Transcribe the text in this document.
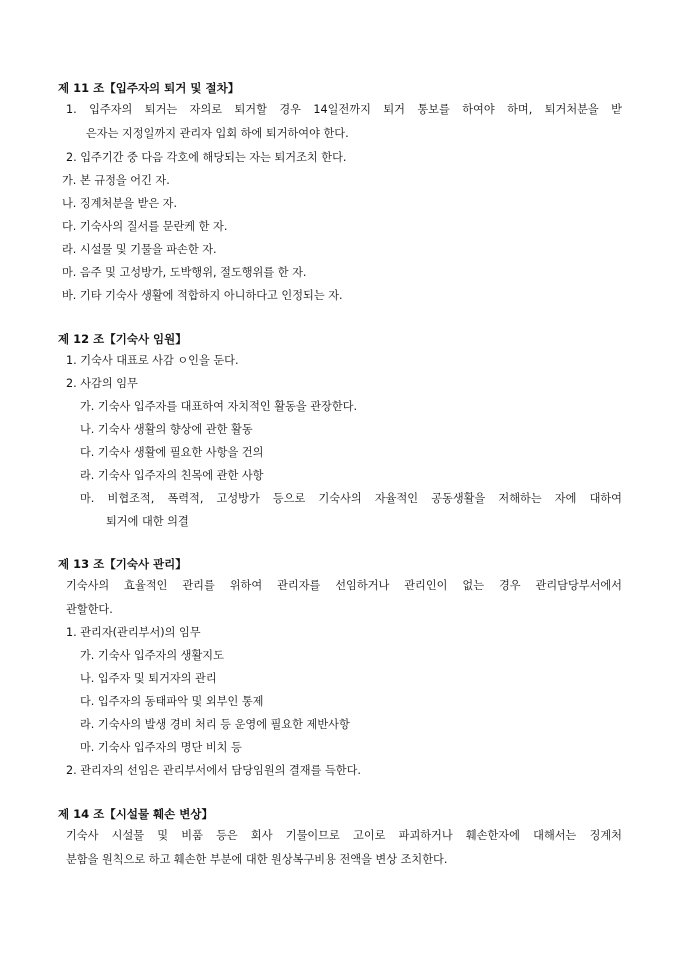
제 11 조【입주자의 퇴거 및 절차】
1. 입주자의 퇴거는 자의로 퇴거할 경우 14일전까지 퇴거 통보를 하여야 하며, 퇴거처분을 받
은자는 지정일까지 관리자 입회 하에 퇴거하여야 한다.
2. 입주기간 중 다음 각호에 해당되는 자는 퇴거조치 한다.
가. 본 규정을 어긴 자.
나. 징계처분을 받은 자.
다. 기숙사의 질서를 문란케 한 자.
라. 시설물 및 기물을 파손한 자.
마. 음주 및 고성방가, 도박행위, 절도행위를 한 자.
바. 기타 기숙사 생활에 적합하지 아니하다고 인정되는 자.
제 12 조【기숙사 임원】
1. 기숙사 대표로 사감 ㅇ인을 둔다.
2. 사감의 임무
가. 기숙사 입주자를 대표하여 자치적인 활동을 관장한다.
나. 기숙사 생활의 향상에 관한 활동
다. 기숙사 생활에 필요한 사항을 건의
라. 기숙사 입주자의 친목에 관한 사항
마. 비협조적, 폭력적, 고성방가 등으로 기숙사의 자율적인 공동생활을 저해하는 자에 대하여
퇴거에 대한 의결
제 13 조【기숙사 관리】
기숙사의 효율적인 관리를 위하여 관리자를 선임하거나 관리인이 없는 경우 관리담당부서에서
관할한다.
1. 관리자(관리부서)의 임무
가. 기숙사 입주자의 생활지도
나. 입주자 및 퇴거자의 관리
다. 입주자의 동태파악 및 외부인 통제
라. 기숙사의 발생 경비 처리 등 운영에 필요한 제반사항
마. 기숙사 입주자의 명단 비치 등
2. 관리자의 선임은 관리부서에서 담당임원의 결재를 득한다.
제 14 조【시설물 훼손 변상】
기숙사 시설물 및 비품 등은 회사 기물이므로 고이로 파괴하거나 훼손한자에 대해서는 징계처
분함을 원칙으로 하고 훼손한 부분에 대한 원상복구비용 전액을 변상 조치한다.
